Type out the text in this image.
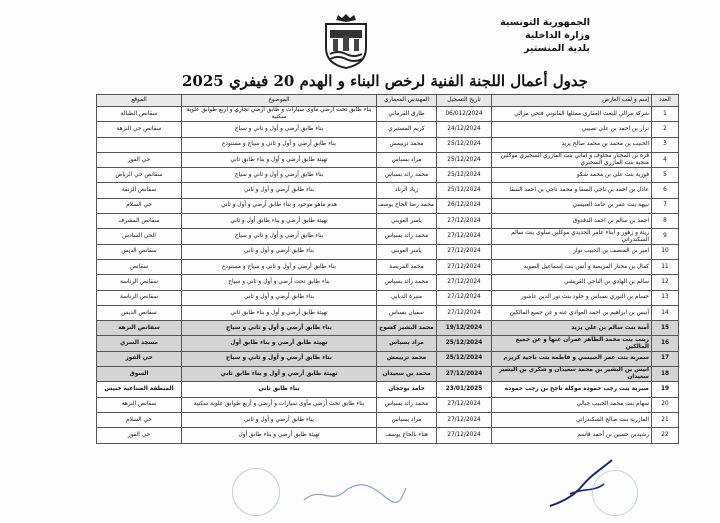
الجمهورية التونسية
وزارة الداخلية
بلدية المنستير
جدول أعمال اللجنة الفنية لرخص البناء و الهدم 20 فيفري 2025
العدد	إسم و لقب العارض	تاريخ التسجيل	المهندس المعماري	الموضوع	الموقع
1	شركة مزالي للبعث العقاري ممثلها القانوني فتحي مزالي	06/012/2024	طارق القرماني	بناء طابق تحت أرضي مأوى سيارات و طابق أرضي تجاري و أربع طوابق علوية سكنية	سقانص الطبالة
2	نزار بن احمد بن علي نصيبي	24/12/2024	كريم المستيري	بناء طابق أرضي و أول و ثاني و سياج	سقانص حي النزهة
3	الحبيب بن محمد بن محمد صالح يزيد	25/12/2024	محمد ترييمش	بناء طابق أرضي و أول و ثاني و سياج و مستودع	
4	قرة بن المختار مخلوف و أماني بنت المازري السخيري موكلين منجية بنت المازري السخيري	25/12/2024	مراد بسباس	تهيئة طابق أرضي و أول و بناء طابق ثاني	حي الفوز
5	فوزية بنت علي بن محمد شكو	25/12/2024	محمد رائد بسباس	بناء طابق أرضي و أول و ثاني و سياج	سقانص حي الرياض
6	عادل بن احمد بن ناجي السقا و محمد ناجي بن احمد السقا	25/12/2024	زياد الزناد	بناء طابق أرضي و أول و ثاني	سقانص الزنقة
7	نبيهة بنت عمر بن حامد العبيسي	26/12/2024	محمد رضا الحاج يوسف	هدم ماهو موجود و بناء طابق أرضي و أول و ثاني	حي السلام
8	احمد بن سالم بن احمد الدقدوق	27/12/2024	ياسر العويني	تهيئة طابق أرضي و بناء طابق أول و ثاني	سقانص المشرف
9	زينة و زهور و أبناء عامر الجديدي موكلين سلوى بنت سالم السكندراني	27/12/2024	محمد رائد بسباس	بناء طابق أرضي و أول و ثاني و سياج	الحي السادس
10	امير بن المنصف بن الحبيب نوار	27/12/2024	ياسر العويني	بناء طابق أرضي و أول و ثاني	سقانص الديس
11	كمال بن مختار المريصة و أنس بنت إسماعيل الصويد	27/12/2024	محمد المريصة	بناء طابق أرضي و أول و ثاني و سياج و مستودع	سقانص
12	سالم بن الهادي بن الناجي القريشي	27/12/2024	محمد رائد بسباس	بناء طابق تحت أرضي و أول و ثاني و سياج	سقانص الرناسة
13	حسام بن النوري بسباس و خلود بنت نور الدين عاشور	27/12/2024	منيرة الدبابي	بناء طابق أرضي و أول و ثاني	سقانص الرناسة
14	أنيس بن ابراهيم بن احمد العوادي عنه و عن جميع المالكين	27/12/2024	سفيان بسباس	تهيئة طابق أرضي و أول و بناء طابق ثاني	سقانص الديس
15	أمنة بنت سالم بن علي يزيد	19/12/2024	محمد البشير كشوخ	بناء طابق أرضي و أول و ثاني و سياج	سقانص النزهة
16	زينب بنت محمد الطاهر عمران عنها و عن جميع المالكين	25/12/2024	مراد بسباس	تهيئة طابق أرضي و بناء طابق أول	مسجد السري
17	سمرية بنت عمر العبيسي و فاطمة بنت ناجية كريزم	25/12/2024	محمد ترييمش	بناء طابق أرضي و أول و ثاني و سياج	حي الفوز
18	أنيس بن البشير بن محمد سعيدان و شكري بن البشير سعيدان	27/12/2024	محمد بن سعيدان	تهيئة طابق أرضي و أول و بناء طابق ثاني	السوق
19	صبرية بنت رجب حمودة موكلة ناجح بن رجب حمودة	23/01/2025	حامد بوحجان	بناء طابق ثاني	المنطقة الصناعية خنيس
20	سهام بنت محمد الحبيب جبالي	27/12/2024	محمد رائد بسباس	بناء طابق تحت أرضي مأوى سيارات و أرضي و أربع طوابق علوية سكنية	سقانص النزهة
21	المازرية بنت صالح السكندراني	27/12/2024	مراد بسباس	بناء طابق أرضي و أول و ثاني	حي السلام
22	رشيدين حسين بن أحمد قاسم	27/12/2024	هناء بالحاج يوسف	تهيئة طابق أرضي و بناء طابق أول	حي الفوز
